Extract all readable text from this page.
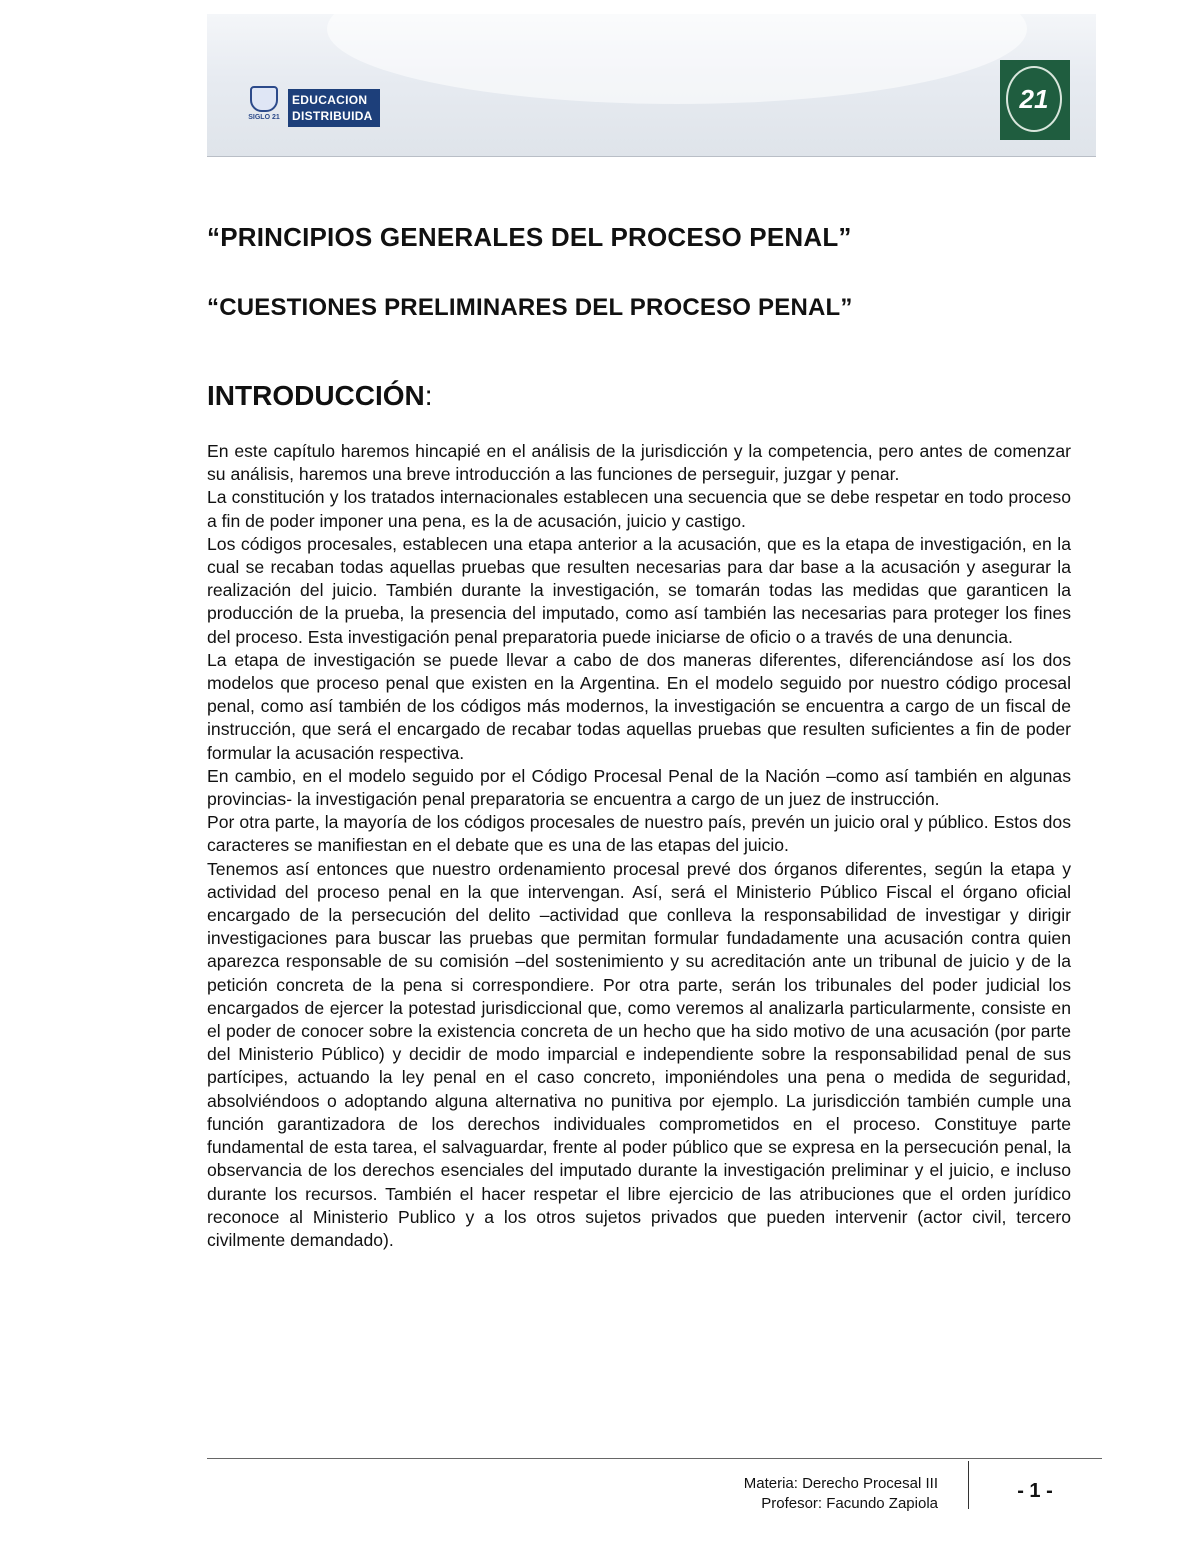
SIGLO 21
EDUCACION
DISTRIBUIDA
21
“PRINCIPIOS GENERALES DEL PROCESO PENAL”
“CUESTIONES PRELIMINARES DEL PROCESO PENAL”
INTRODUCCIÓN:

En este capítulo haremos hincapié en el análisis de la jurisdicción y la competencia, pero antes de comenzar su análisis, haremos una breve introducción a las funciones de perseguir, juzgar y penar.

La constitución y los tratados internacionales establecen una secuencia que se debe respetar en todo proceso a fin de poder imponer una pena, es la de acusación, juicio y castigo.

Los códigos procesales, establecen una etapa anterior a la acusación, que es la etapa de investigación, en la cual se recaban todas aquellas pruebas que resulten necesarias para dar base a la acusación y asegurar la realización del juicio. También durante la investigación, se tomarán todas las medidas que garanticen la producción de la prueba, la presencia del imputado, como así también las necesarias para proteger los fines del proceso. Esta investigación penal preparatoria puede iniciarse de oficio o a través de una denuncia.

La etapa de investigación se puede llevar a cabo de dos maneras diferentes, diferenciándose así los dos modelos que proceso penal que existen en la Argentina. En el modelo seguido por nuestro código procesal penal, como así también de los códigos más modernos, la investigación se encuentra a cargo de un fiscal de instrucción, que será el encargado de recabar todas aquellas pruebas que resulten suficientes a fin de poder formular la acusación respectiva.

En cambio, en el modelo seguido por el Código Procesal Penal de la Nación –como así también en algunas provincias- la investigación penal preparatoria se encuentra a cargo de un juez de instrucción.

Por otra parte, la mayoría de los códigos procesales de nuestro país, prevén un juicio oral y público. Estos dos caracteres se manifiestan en el debate que es una de las etapas del juicio.

Tenemos así entonces que nuestro ordenamiento procesal prevé dos órganos diferentes, según la etapa y actividad del proceso penal en la que intervengan. Así, será el Ministerio Público Fiscal el órgano oficial encargado de la persecución del delito –actividad que conlleva la responsabilidad de investigar y dirigir investigaciones para buscar las pruebas que permitan formular fundadamente una acusación contra quien aparezca responsable de su comisión –del sostenimiento y su acreditación ante un tribunal de juicio y de la petición concreta de la pena si correspondiere. Por otra parte, serán los tribunales del poder judicial los encargados de ejercer la potestad jurisdiccional que, como veremos al analizarla particularmente, consiste en el poder de conocer sobre la existencia concreta de un hecho que ha sido motivo de una acusación (por parte del Ministerio Público) y decidir de modo imparcial e independiente sobre la responsabilidad penal de sus partícipes, actuando la ley penal en el caso concreto, imponiéndoles una pena o medida de seguridad, absolviéndoos o adoptando alguna alternativa no punitiva por ejemplo. La jurisdicción también cumple una función garantizadora de los derechos individuales comprometidos en el proceso. Constituye parte fundamental de esta tarea, el salvaguardar, frente al poder público que se expresa en la persecución penal, la observancia de los derechos esenciales del imputado durante la investigación preliminar y el juicio, e incluso durante los recursos. También el hacer respetar el libre ejercicio de las atribuciones que el orden jurídico reconoce al Ministerio Publico y a los otros sujetos privados que pueden intervenir (actor civil, tercero civilmente demandado).

Materia: Derecho Procesal III
Profesor: Facundo Zapiola
- 1 -
